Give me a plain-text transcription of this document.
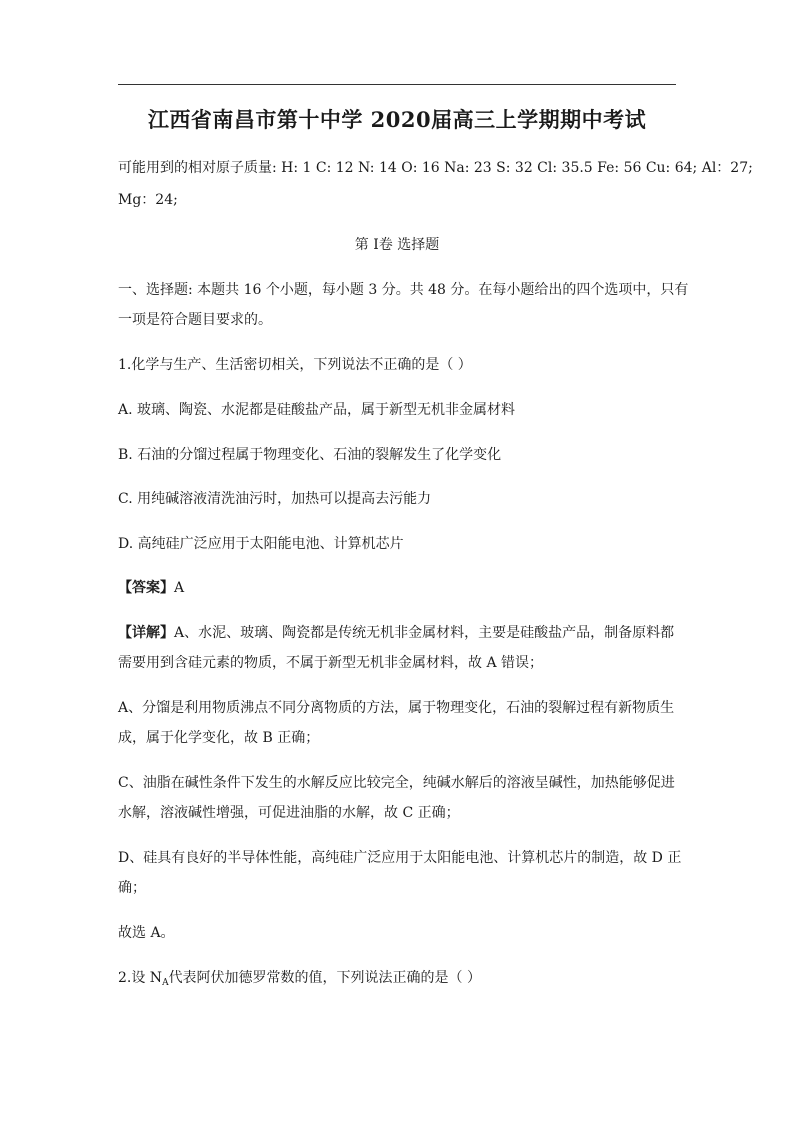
江西省南昌市第十中学 2020届高三上学期期中考试
可能用到的相对原子质量: H: 1 C: 12 N: 14 O: 16 Na: 23 S: 32 Cl: 35.5 Fe: 56 Cu: 64; Al：27;
Mg：24;
第 I卷 选择题
一、选择题: 本题共 16 个小题，每小题 3 分。共 48 分。在每小题给出的四个选项中，只有
一项是符合题目要求的。
1.化学与生产、生活密切相关，下列说法不正确的是（ ）
A. 玻璃、陶瓷、水泥都是硅酸盐产品，属于新型无机非金属材料
B. 石油的分馏过程属于物理变化、石油的裂解发生了化学变化
C. 用纯碱溶液清洗油污时，加热可以提高去污能力
D. 高纯硅广泛应用于太阳能电池、计算机芯片
【答案】A
【详解】A、水泥、玻璃、陶瓷都是传统无机非金属材料，主要是硅酸盐产品，制备原料都
需要用到含硅元素的物质，不属于新型无机非金属材料，故 A 错误；
A、分馏是利用物质沸点不同分离物质的方法，属于物理变化，石油的裂解过程有新物质生
成，属于化学变化，故 B 正确；
C、油脂在碱性条件下发生的水解反应比较完全，纯碱水解后的溶液呈碱性，加热能够促进
水解，溶液碱性增强，可促进油脂的水解，故 C 正确；
D、硅具有良好的半导体性能，高纯硅广泛应用于太阳能电池、计算机芯片的制造，故 D 正
确；
故选 A。
2.设 $N_A$代表阿伏加德罗常数的值，下列说法正确的是（ ）
